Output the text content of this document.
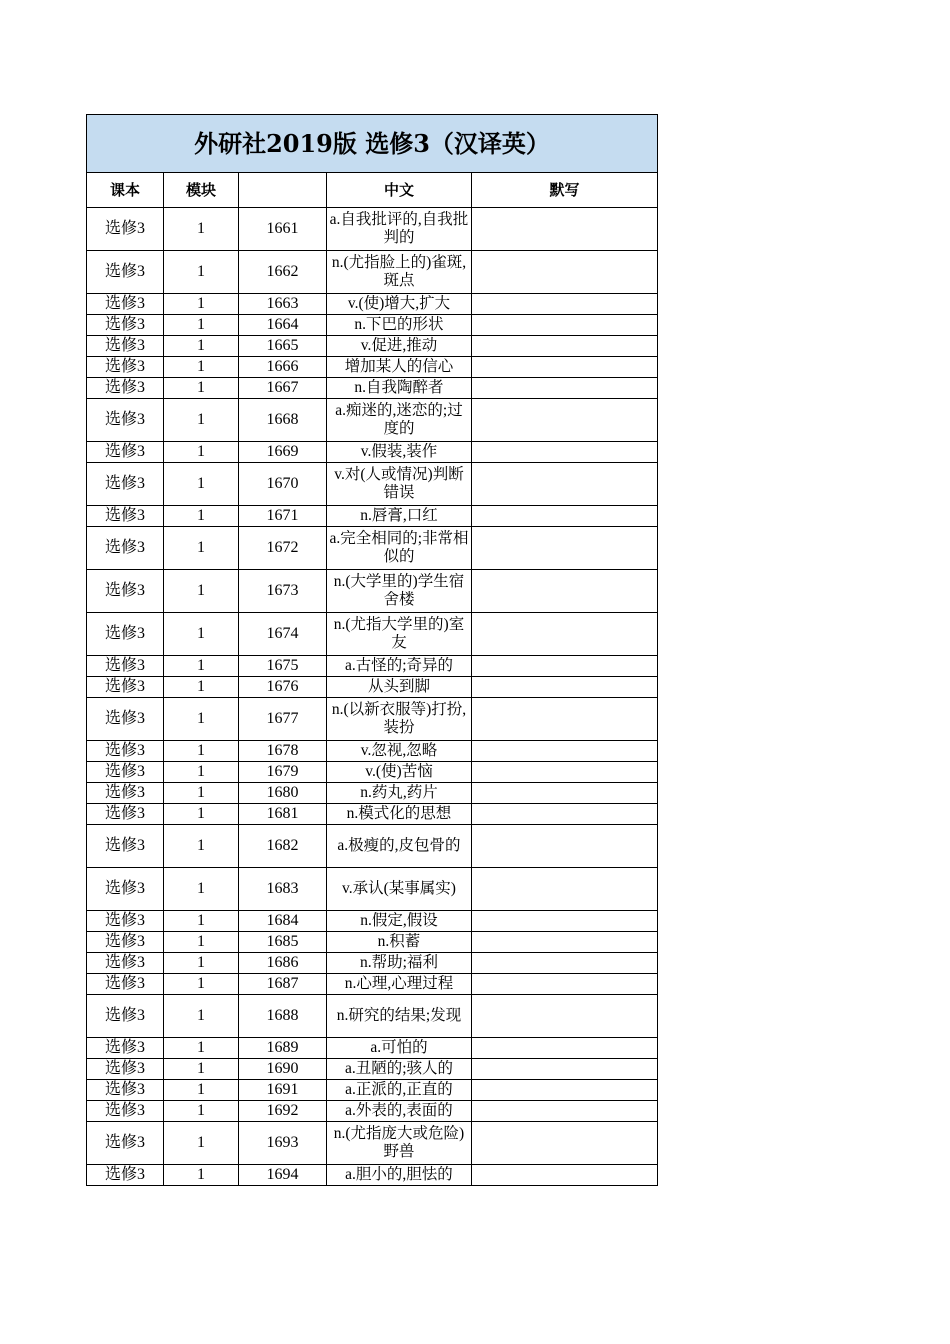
外研社2019版 选修3（汉译英）				
课本	模块		中文	默写
选修3	1	1661	a.自我批评的,自我批判的	
选修3	1	1662	n.(尤指脸上的)雀斑,斑点	
选修3	1	1663	v.(使)增大,扩大	
选修3	1	1664	n.下巴的形状	
选修3	1	1665	v.促进,推动	
选修3	1	1666	增加某人的信心	
选修3	1	1667	n.自我陶醉者	
选修3	1	1668	a.痴迷的,迷恋的;过度的	
选修3	1	1669	v.假装,装作	
选修3	1	1670	v.对(人或情况)判断错误	
选修3	1	1671	n.唇膏,口红	
选修3	1	1672	a.完全相同的;非常相似的	
选修3	1	1673	n.(大学里的)学生宿舍楼	
选修3	1	1674	n.(尤指大学里的)室友	
选修3	1	1675	a.古怪的;奇异的	
选修3	1	1676	从头到脚	
选修3	1	1677	n.(以新衣服等)打扮,装扮	
选修3	1	1678	v.忽视,忽略	
选修3	1	1679	v.(使)苦恼	
选修3	1	1680	n.药丸,药片	
选修3	1	1681	n.模式化的思想	
选修3	1	1682	a.极瘦的,皮包骨的	
选修3	1	1683	v.承认(某事属实)	
选修3	1	1684	n.假定,假设	
选修3	1	1685	n.积蓄	
选修3	1	1686	n.帮助;福利	
选修3	1	1687	n.心理,心理过程	
选修3	1	1688	n.研究的结果;发现	
选修3	1	1689	a.可怕的	
选修3	1	1690	a.丑陋的;骇人的	
选修3	1	1691	a.正派的,正直的	
选修3	1	1692	a.外表的,表面的	
选修3	1	1693	n.(尤指庞大或危险)野兽	
选修3	1	1694	a.胆小的,胆怯的	
